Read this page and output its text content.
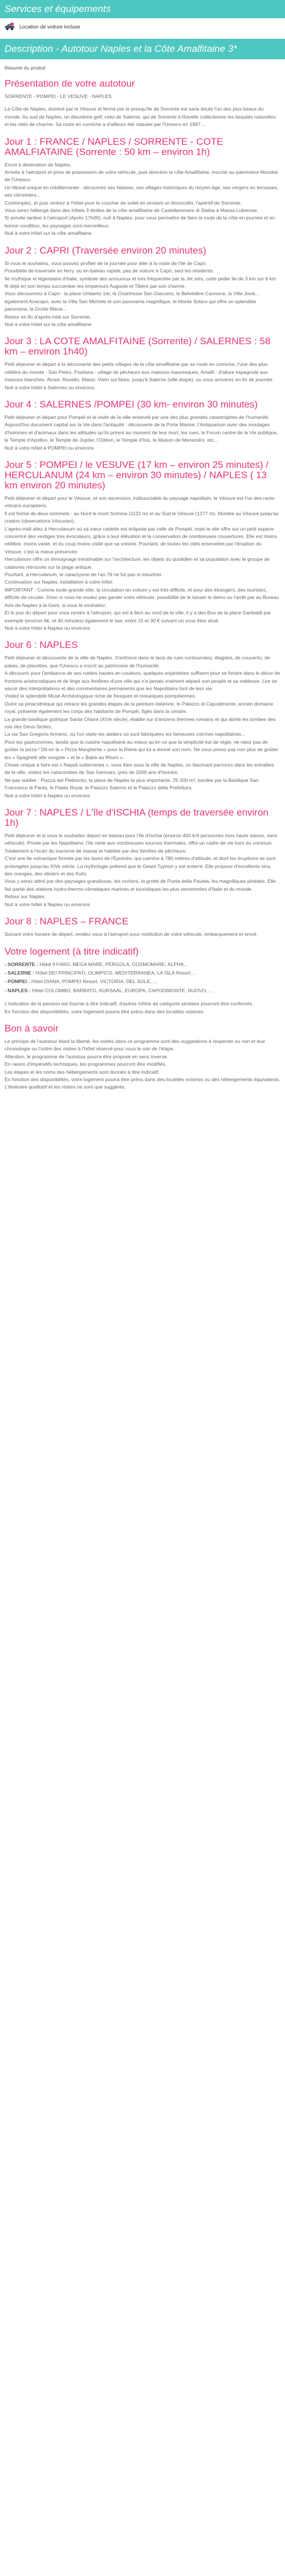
Services et équipements
Location de voiture incluse
Description - Autotour Naples et la Côte Amalfitaine 3*

Résumé du produit

Présentation de votre autotour

SORRENTE - POMPEI - LE VESUVE - NAPLES

La Côte de Naples, dominé par le Vésuve et fermé par la presqu'île de Sorrente est sans doute l'un des plus beaux du monde. Au sud de Naples, un deuxième golf, celui de Salerne, qui de Sorrente à Ravello collectionne les beautés naturelles et les cités de charme. Sa route en corniche a d'ailleurs été classée par l'Unesco en 1997...

Jour 1 : FRANCE / NAPLES / SORRENTE - COTE AMALFIATAINE (Sorrente : 50 km – environ 1h)

Envol à destination de Naples.
Arrivée à l'aéroport et prise de possession de votre véhicule, puis direction la côte Amalfitaine, inscrite au patrimoine Mondial de l'Unesco.
Un littoral unique en méditerranée : découvrez ses falaises, ses villages historiques du moyen-âge, ses vergers en terrasses, ses citronniers...
Contemplez, et puis rentrez à l'hôtel pour le coucher de soleil en sirotant un limoncello, l'apéritif de Sorrente.
Vous serez hébergé dans des hôtels 3 étoiles de la côte amalfitaine de Castellammare di Stabia à Massa Lubrense.
Si arrivée tardive à l'aéroport (Après 17h00), nuit à Naples, pour vous permettre de faire la route de la côte en journée et en bonne condition, les paysages sont merveilleux.
Nuit à votre hôtel sur la côte amalfitaine

Jour 2 : CAPRI (Traversée environ 20 minutes)

Si vous le souhaitez, vous pouvez profiter de la journée pour aller à la visite de l'Ile de Capri.
Possibilité de traversée en ferry, ou en bateau rapide, pas de voiture à Capri, seul les résidents.
Ile mythique et légendaire d'Italie, symbole des amoureux et très fréquentée par la Jet sets, cette petite île de 3 km sur 6 km fit déjà en son temps succomber les empereurs Auguste et Tibère par son charme.
Vous découvrirez à Capri : la place Umberto 1er, la Chartreuse San Giacomo, le Belvédère Cannone, la Villa Jovis... également Anacapri, avec la Villa San Michele et son panorama magnifique, le Monte Solaro qui offre un splendide panorama, la Grotte Bleue...
Retour en fin d'après-midi sur Sorrente.
Nuit à votre hôtel sur la côte amalfitaine

Jour 3 : LA COTE AMALFITAINE (Sorrente) / SALERNES : 58 km – environ 1h40)

Petit déjeuner et départ à la découverte des petits villages de la côte amalfitaine par sa route en corniche, l'une des plus célèbre du monde : San Pietro, Positano : village de pêcheurs aux maisons mauresques, Amalfi : d'allure espagnole aux maisons blanches, Atrani, Ravello, Maiori, Vietri sul Mare, jusqu'à Salerne (ville étape), ou vous arriverez en fin de journée.
Nuit à votre hôtel à Salernes ou environs.

Jour 4 : SALERNES /POMPEI (30 km- environ 30 minutes)

Petit déjeuner et départ pour Pompéi et la visite de la ville enseveli par une des plus grandes catastrophes de l'humanité. Aujourd'hui document capital sur la Vie dans l'antiquité : découverte de la Porte Marine, l'Antiquarium avec des moulages d'hommes et d'animaux dans les attitudes qu'ils prirent au moment de leur mort, les rues, le Forum centre de la Vie publique, le Temple d'Apollon, le Temple de Jupiter, l'Odéon, le Temple d'Isis, la Maison de Menandro, etc...
Nuit à votre hôtel à POMPEI ou environs

Jour 5 : POMPEI / le VESUVE (17 km – environ 25 minutes) / HERCULANUM (24 km – environ 30 minutes) / NAPLES ( 13 km environ 20 minutes)

Petit déjeuner et départ pour le Vésuve, et son ascension, indissociable du paysage napolitain, le Vésuve est l'un des rares volcans européens.
Il est formé de deux sommets : au Nord le mont Somma (1132 m) et au Sud le Vésuve (1277 m). Montée au Vésuve jusqu'au cratère (observatoire Vésuvien).
L'après-midi allez à Herculanum où sa sœur cadette est éclipsée par celle de Pompéi, mais le site offre sur un petit espace concentré des vestiges très évocateurs, grâce à leur élévation et la conservation de nombreuses couvertures. Elle est moins célèbre, moins vaste, et du coup moins visité que sa voisine. Pourtant, de toutes les cités ensevelies par l'éruption du Vésuve, c'est la mieux préservée.
Herculanum offre un témoignage inestimable sur l'architecture, les objets du quotidien et sa population avec le groupe de cadavres retrouvés sur la plage antique.
Pourtant, à Herculanum, le cataclysme de l'an 79 ne fut pas si meurtrier.
Continuation sur Naples, installation à votre hôtel.
IMPORTANT : Comme toute grande ville, la circulation en voiture y est très difficile, et pour des étrangers, des touristes, difficile de circuler. Donc si vous ne voulez pas garder votre véhicule, possibilité de le laisser le demo ou l'arrêt par au Bureau Avis de Naples à la Gare, si vous le souhaitez.
Et le jour du départ pour vous rendre à l'aéroport, qui est à 6km au nord de la ville, il y a des Bus de la place Garibaldi par exemple (environ 6€, et 40 minutes) également le taxi, entre 15 et 30 € suivant où vous êtes situé.
Nuit à votre hôtel à Naples ou environs

Jour 6 : NAPLES

Petit déjeuner et découverte de la ville de Naples. S'enfonce dans le lacis de rues contournées, étagées, de couvents, de palais, de placettes, que l'Unesco a inscrit au patrimoine de l'humanité.
A découvrir pour l'ambiance de ses ruelles hautes en couleurs, quelques enjambées suffisent pour se fondre dans le décor de frontons aristocratiques et de linge aux fenêtres d'une ville qui n'a jamais vraiment séparé son peuple et sa noblesse. Lire se savoir des interprétations et des commentaires permanents que les Napolitains font de leur vie.
Visitez le splendide Musé Archéologique riche de fresques et mosaïques pompéiennes.
Outre sa pinacothèque qui retrace les grandes étapes de la peinture italienne, le Palazzo di Capodimonte, ancien domaine royal, présente également les corps des habitants de Pompéi, figés dans la cendre.
La grande basilique gothique Santa Chiara (XIVe siècle), établie sur d'anciens thermes romains et qui abrite les tombes des rois des Deux-Siciles.
La via San Gregorio Armeno, où l'on visite les ateliers où sont fabriquées les fameuses crèches napolitaines...
Pour les gastronomes, tandis que la cuisine napolitaine au mieux qu'en ce que la simplicité est de règle, ne ratez pas de goûter la pizza ! Dit-on la « Pizza Margherita » pour la Reine qui lui a donné son nom. Ne vous privez pas non plus de goûter les « Spaghetti alle vongole » et le « Babà au Rhum ».
Chose unique à faire est « Napoli sotterranea », vous êtes sous la ville de Naples, un fascinant parcours dans les entrailles de la ville, visitez les catacombes de San Gennaro, près de 2000 ans d'histoire.
Ne pas oublier : Piazza del Plebiscito, la place de Naples la plus importante, 25 000 m², bordée par la Basilique San Francesco di Paola, le Palais Royal, le Palazzo Salerno et le Palazzo della Prefettura.
Nuit à votre hôtel à Naples ou environs

Jour 7 : NAPLES / L'île d'ISCHIA (temps de traversée environ 1h)

Petit déjeuner et si vous le souhaitez départ en bateau pour l'île d'Ischia (environ 400 €/4 personnes hors haute saison, sans véhicule). Prisée par les Napolitains, l'île verte aux nombreuses sources thermales, offre un cadre de vie hors du commun.
Totalement à l'écart du tourisme de masse et habitée par des familles de pêcheurs.
C'est une île volcanique formée par les laves de l'Epoméo, qui culmine à 780 mètres d'altitude, et dont les éruptions se sont prolongées jusqu'au XIVe siècle. La mythologie prétend que le Géant Typhon y est enterré. Elle propose d'excellents vins, des oranges, des oliviers et des fruits.
Vous y serez attiré par des paysages grandioses, les rochers, la grotte de Punta della Pavata, les magnifiques pinèdes. Elle fait partie des stations hydro-thermo-climatiques marines et touristiques les plus renommées d'Italie et du monde.
Retour sur Naples.
Nuit à votre hôtel à Naples ou environs

Jour 8 : NAPLES – FRANCE

Suivant votre horaire de départ, rendez-vous à l'aéroport pour restitution de votre véhicule, embarquement et envol.

Votre logement (à titre indicatif)

- SORRENTE : Hôtel Il FARO, MEGA MARE, PERGOLA, COSMOMARE, ALPHA...

- SALERNE : Hôtel DEI PRINCIPATI, OLIMPICO, MEDITERRANEA, LA ISLA Resort...

- POMPEI : Hôtel DIANA, POMPEI Resort, VICTORIA, DEL SOLE, ...

- NAPLES : Hôtel COLOMBO, BARBATO, KURSAAL, EUROPA, CAPODIMONTE, NUOVO, ...

L'indication de la pension est fournie à titre indicatif, d'autres hôtels de catégorie similaire pourront être confirmés.
En fonction des disponibilités, votre logement pourra être prévu dans des localités voisines.

Bon à savoir

Le principe de l'autotour étant la liberté, les visites dans ce programme sont des suggestions à respecter ou non et leur chronologie ou l'ordre des visites à l'hôtel réservé pour vous le soir de l'étape.
Attention, le programme de l'autotour pourra être proposé en sens inverse.
En raison d'impératifs techniques, les programmes pourront être modifiés.
Les étapes et les noms des hébergements sont donnés à titre indicatif.
En fonction des disponibilités, votre logement pourra être prévu dans des localités voisines ou des hébergements équivalents.
L'itinéraire qualitatif et les visites ne sont que suggérés.
